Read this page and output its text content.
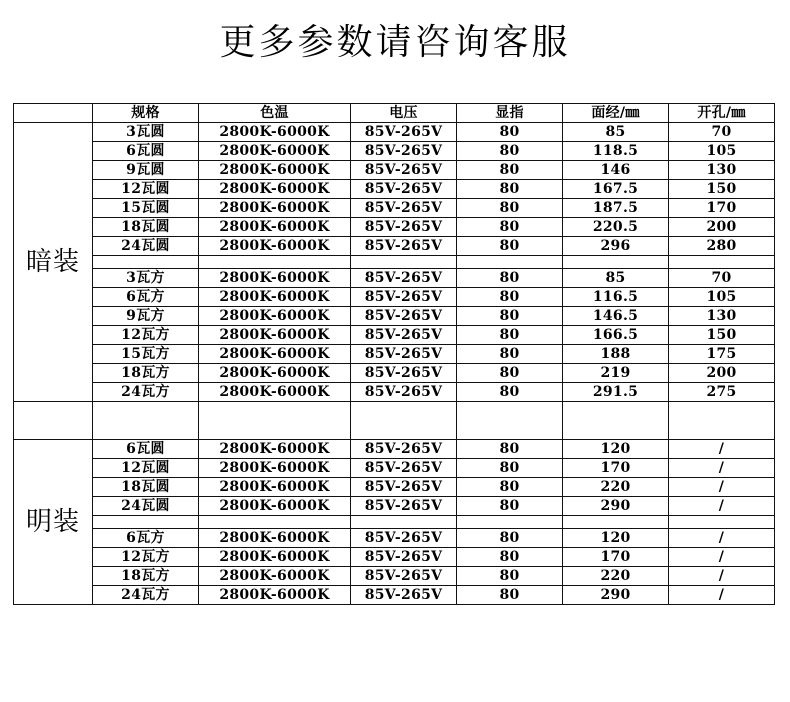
更多参数请咨询客服
	规格	色温	电压	显指	面经/㎜	开孔/㎜
暗装	3瓦圆	2800K-6000K	85V-265V	80	85	70
	6瓦圆	2800K-6000K	85V-265V	80	118.5	105
	9瓦圆	2800K-6000K	85V-265V	80	146	130
	12瓦圆	2800K-6000K	85V-265V	80	167.5	150
	15瓦圆	2800K-6000K	85V-265V	80	187.5	170
	18瓦圆	2800K-6000K	85V-265V	80	220.5	200
	24瓦圆	2800K-6000K	85V-265V	80	296	280

	3瓦方	2800K-6000K	85V-265V	80	85	70
	6瓦方	2800K-6000K	85V-265V	80	116.5	105
	9瓦方	2800K-6000K	85V-265V	80	146.5	130
	12瓦方	2800K-6000K	85V-265V	80	166.5	150
	15瓦方	2800K-6000K	85V-265V	80	188	175
	18瓦方	2800K-6000K	85V-265V	80	219	200
	24瓦方	2800K-6000K	85V-265V	80	291.5	275

明装	6瓦圆	2800K-6000K	85V-265V	80	120	/
	12瓦圆	2800K-6000K	85V-265V	80	170	/
	18瓦圆	2800K-6000K	85V-265V	80	220	/
	24瓦圆	2800K-6000K	85V-265V	80	290	/

	6瓦方	2800K-6000K	85V-265V	80	120	/
	12瓦方	2800K-6000K	85V-265V	80	170	/
	18瓦方	2800K-6000K	85V-265V	80	220	/
	24瓦方	2800K-6000K	85V-265V	80	290	/
